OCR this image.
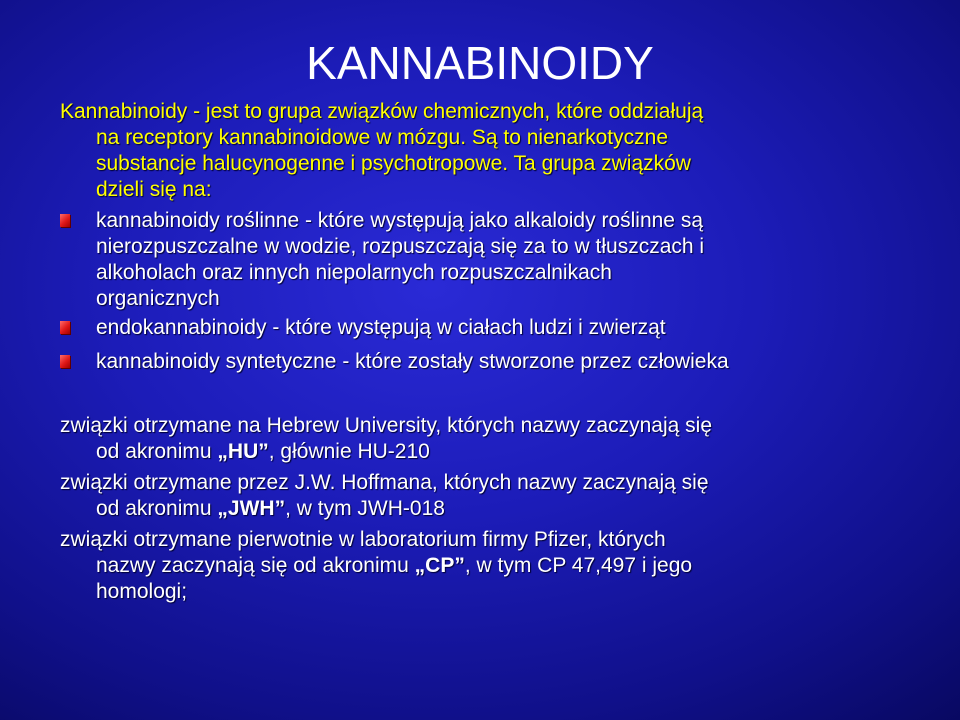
KANNABINOIDY
Kannabinoidy - jest to grupa związków chemicznych, które oddziałują
na receptory kannabinoidowe w mózgu. Są to nienarkotyczne
substancje halucynogenne i psychotropowe. Ta grupa związków
dzieli się na:
kannabinoidy roślinne - które występują jako alkaloidy roślinne są
nierozpuszczalne w wodzie, rozpuszczają się za to w tłuszczach i
alkoholach oraz innych niepolarnych rozpuszczalnikach
organicznych
endokannabinoidy - które występują w ciałach ludzi i zwierząt
kannabinoidy syntetyczne - które zostały stworzone przez człowieka
związki otrzymane na Hebrew University, których nazwy zaczynają się
od akronimu „HU”, głównie HU-210
związki otrzymane przez J.W. Hoffmana, których nazwy zaczynają się
od akronimu „JWH”, w tym JWH-018
związki otrzymane pierwotnie w laboratorium firmy Pfizer, których
nazwy zaczynają się od akronimu „CP”, w tym CP 47,497 i jego
homologi;
